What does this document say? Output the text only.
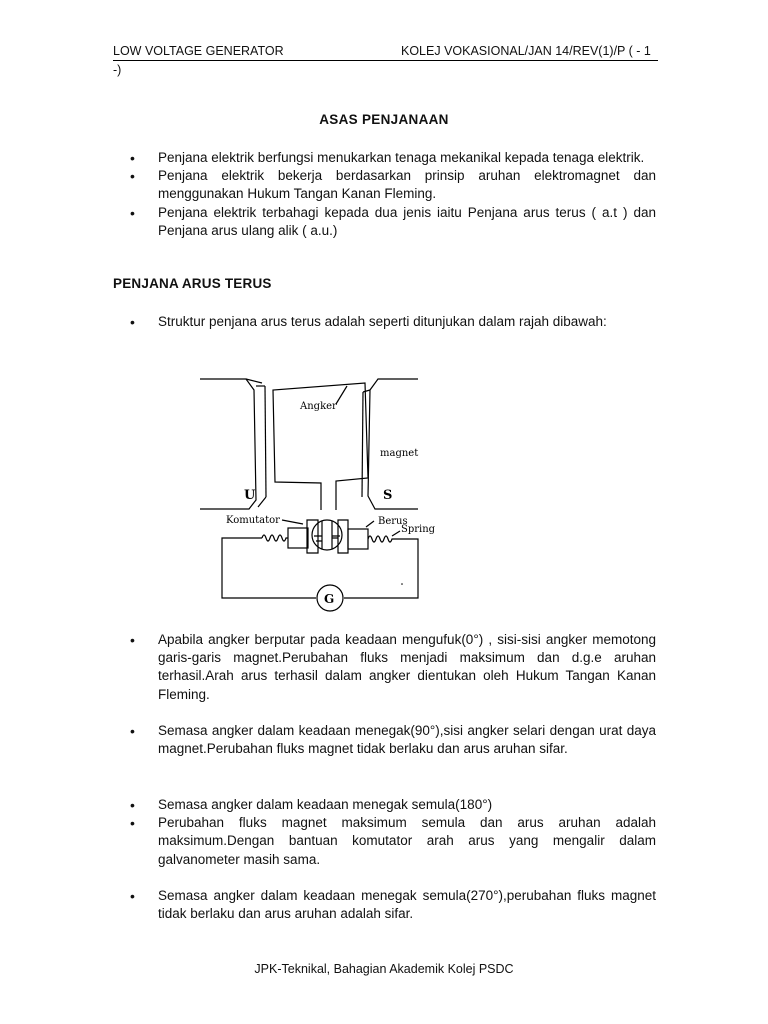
LOW VOLTAGE GENERATOR	KOLEJ VOKASIONAL/JAN 14/REV(1)/P ( - 1
-)
ASAS PENJANAAN
• Penjana elektrik berfungsi menukarkan tenaga mekanikal kepada tenaga elektrik.
• Penjana elektrik bekerja berdasarkan prinsip aruhan elektromagnet dan menggunakan Hukum Tangan Kanan Fleming.
• Penjana elektrik terbahagi kepada dua jenis iaitu Penjana arus terus ( a.t ) dan Penjana arus ulang alik ( a.u.)
PENJANA ARUS TERUS
• Struktur penjana arus terus adalah seperti ditunjukan dalam rajah dibawah:
Angker
magnet
U	S
Komutator	Berus
Spring
G
• Apabila angker berputar pada keadaan mengufuk(0°) , sisi-sisi angker memotong garis-garis magnet.Perubahan fluks menjadi maksimum dan d.g.e aruhan terhasil.Arah arus terhasil dalam angker dientukan oleh Hukum Tangan Kanan Fleming.
• Semasa angker dalam keadaan menegak(90°),sisi angker selari dengan urat daya magnet.Perubahan fluks magnet tidak berlaku dan arus aruhan sifar.
• Semasa angker dalam keadaan menegak semula(180°)
• Perubahan fluks magnet maksimum semula dan arus aruhan adalah maksimum.Dengan bantuan komutator arah arus yang mengalir dalam galvanometer masih sama.
• Semasa angker dalam keadaan menegak semula(270°),perubahan fluks magnet tidak berlaku dan arus aruhan adalah sifar.
JPK-Teknikal, Bahagian Akademik Kolej PSDC
